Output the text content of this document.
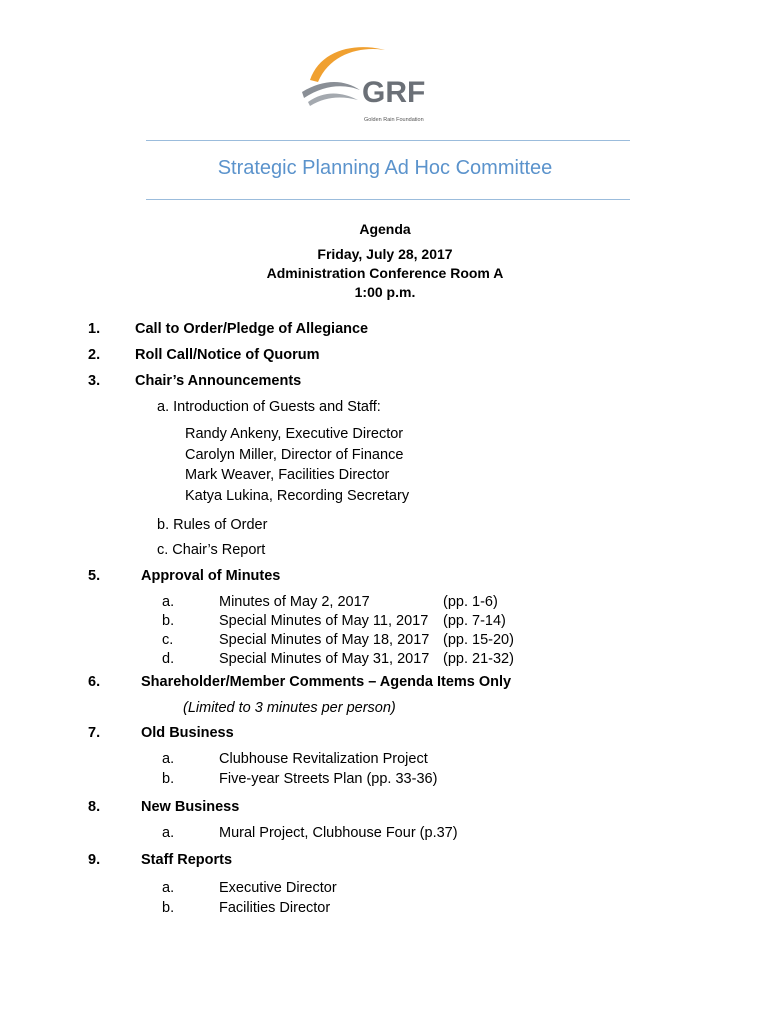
GRF
Golden Rain Foundation
Strategic Planning Ad Hoc Committee
Agenda
Friday, July 28, 2017
Administration Conference Room A
1:00 p.m.
1. Call to Order/Pledge of Allegiance
2. Roll Call/Notice of Quorum
3. Chair’s Announcements
a. Introduction of Guests and Staff:
Randy Ankeny, Executive Director
Carolyn Miller, Director of Finance
Mark Weaver, Facilities Director
Katya Lukina, Recording Secretary
b. Rules of Order
c. Chair’s Report
5.	Approval of Minutes
a.	Minutes of May 2, 2017	(pp. 1-6)
b.	Special Minutes of May 11, 2017 (pp. 7-14)
c.	Special Minutes of May 18, 2017 (pp. 15-20)
d.	Special Minutes of May 31, 2017 (pp. 21-32)
6.	Shareholder/Member Comments – Agenda Items Only
(Limited to 3 minutes per person)
7.	Old Business
a.	Clubhouse Revitalization Project
b.	Five-year Streets Plan (pp. 33-36)
8.	New Business
a.	Mural Project, Clubhouse Four (p.37)
9.	Staff Reports
a.	Executive Director
b.	Facilities Director
